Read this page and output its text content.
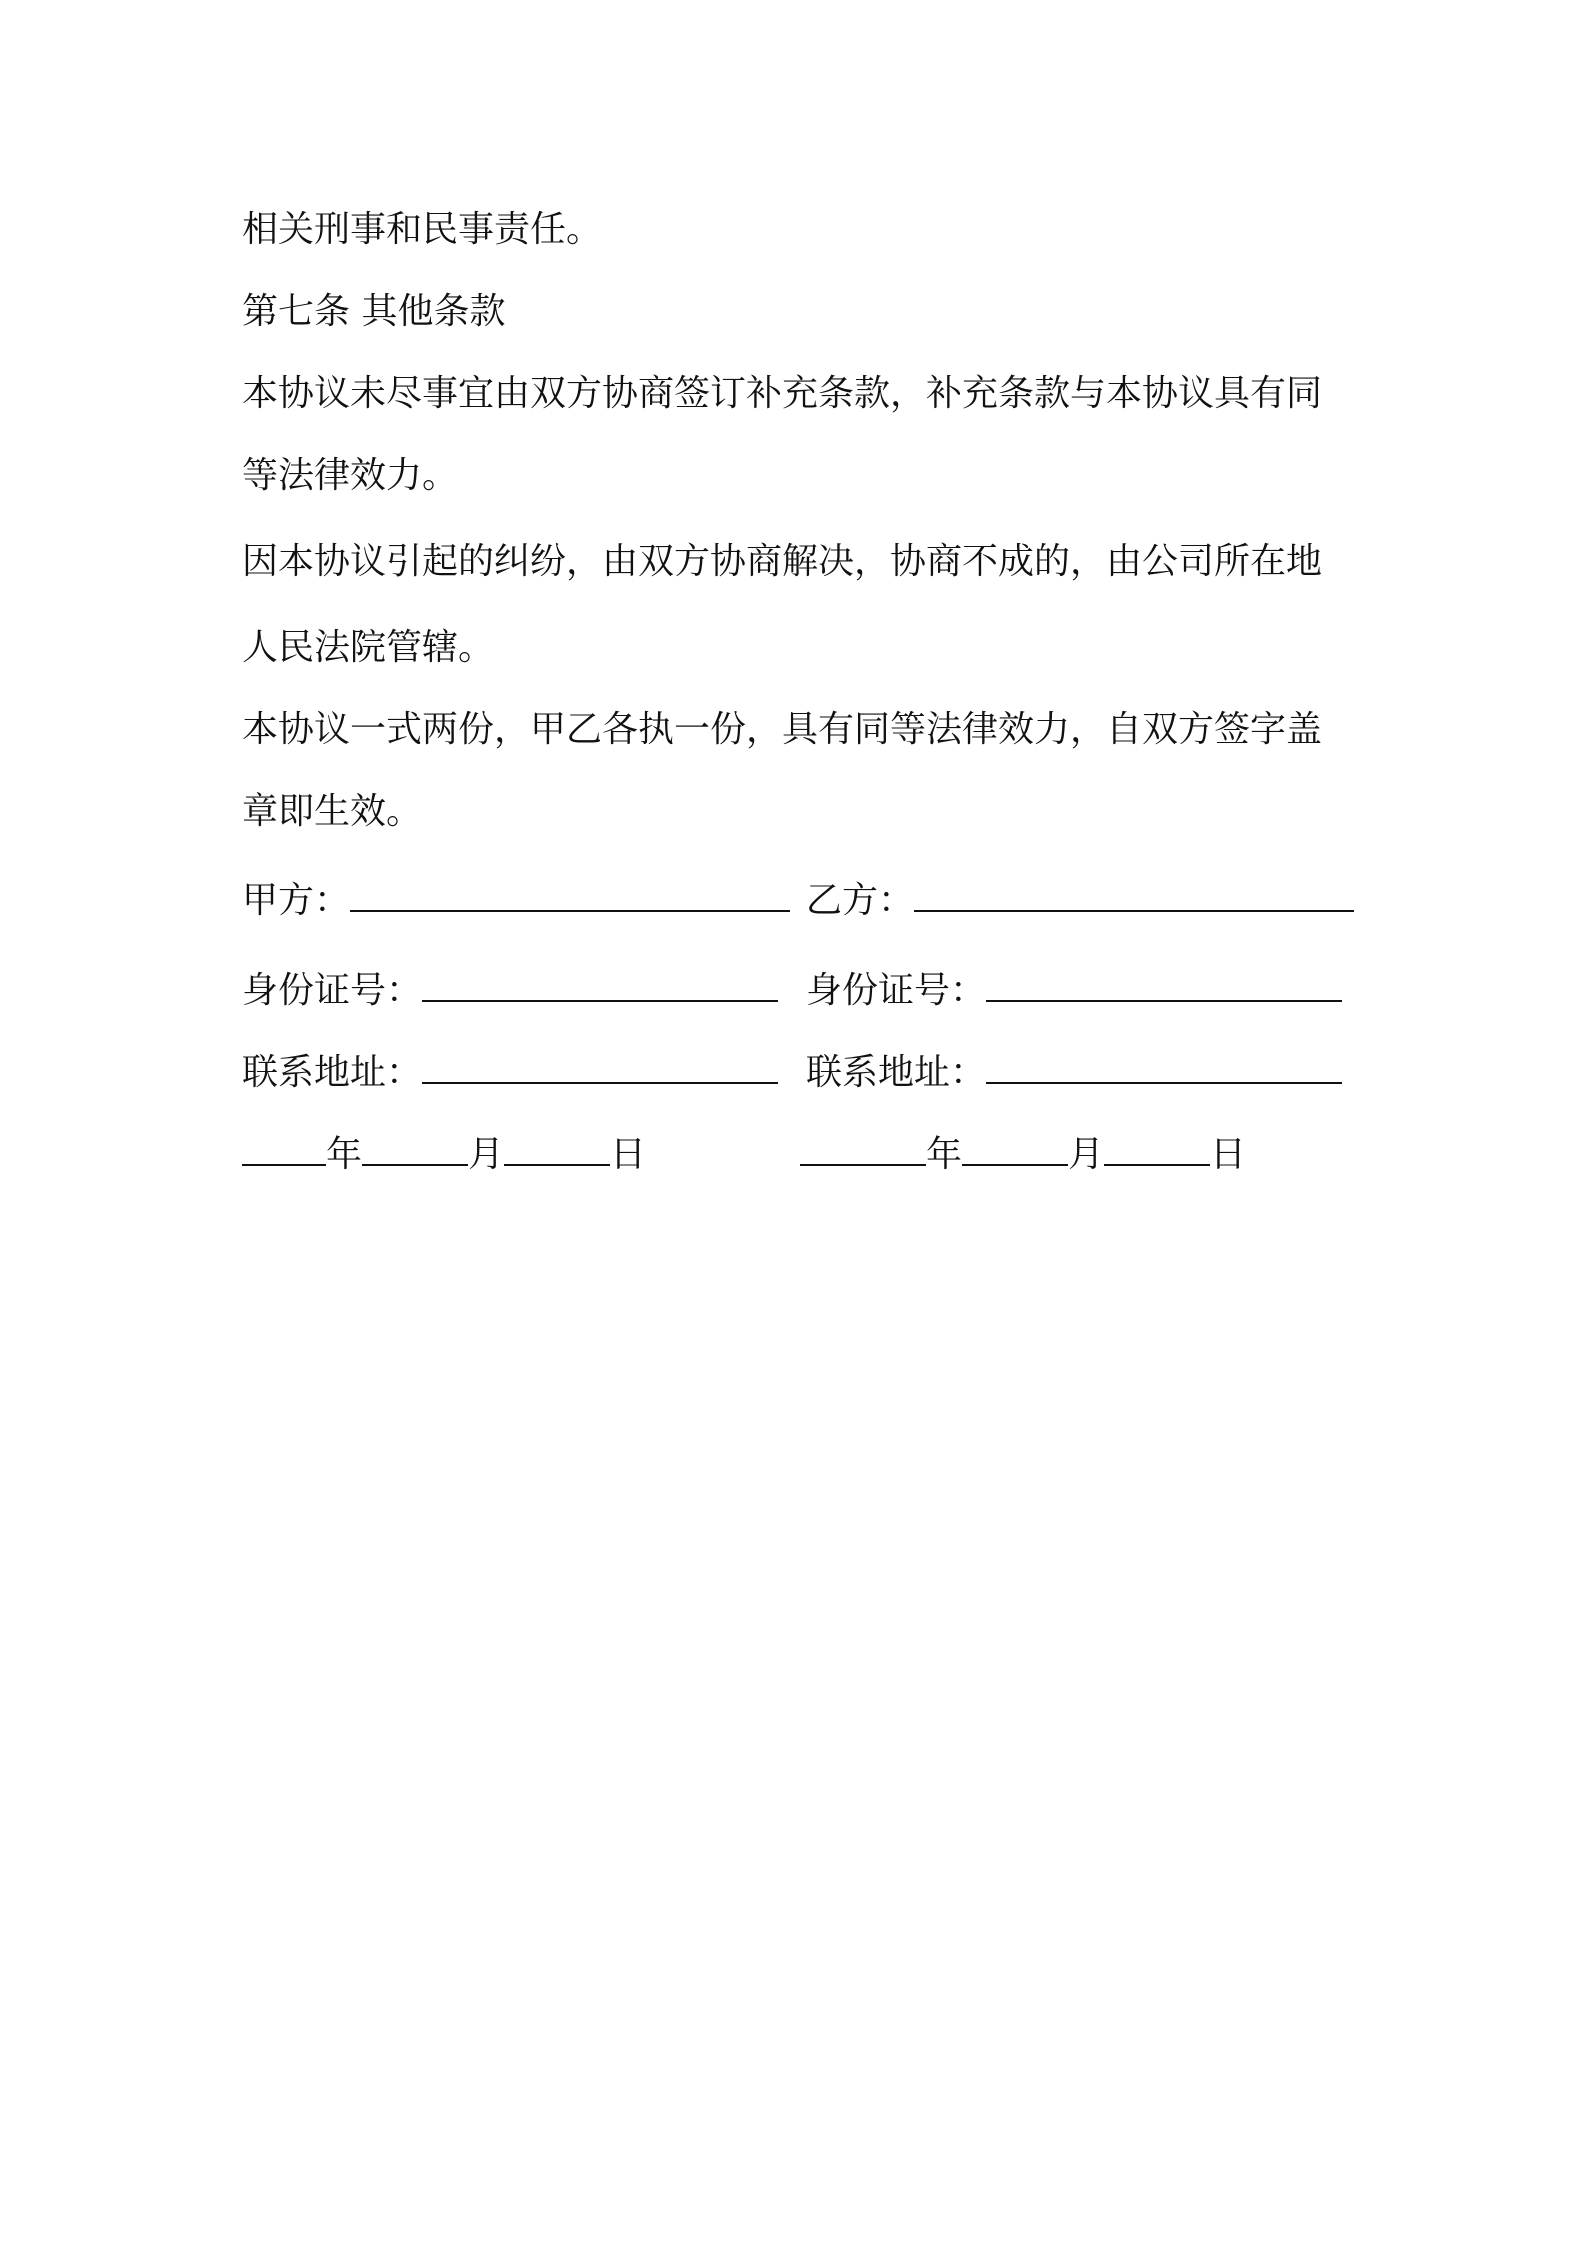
相关刑事和民事责任。
第七条 其他条款
本协议未尽事宜由双方协商签订补充条款，补充条款与本协议具有同
等法律效力。
因本协议引起的纠纷，由双方协商解决，协商不成的，由公司所在地
人民法院管辖。
本协议一式两份，甲乙各执一份，具有同等法律效力，自双方签字盖
章即生效。
甲方：	乙方：
身份证号：	身份证号：
联系地址：	联系地址：
年	月	日	年	月	日
